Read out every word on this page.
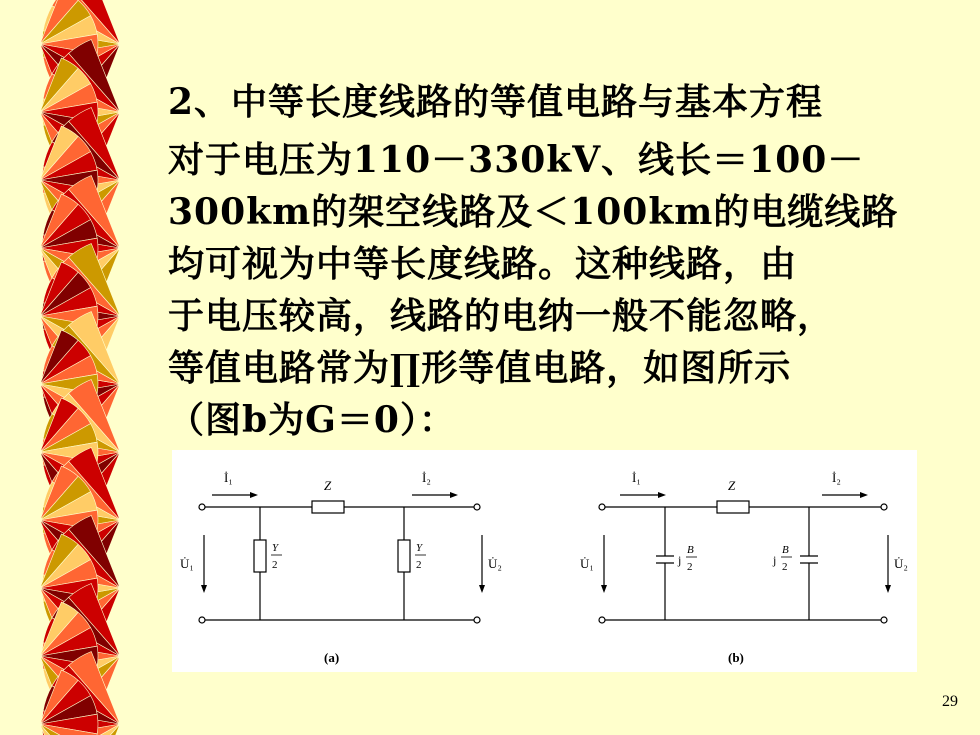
2、中等长度线路的等值电路与基本方程
对于电压为110－330kV、线长＝100－
300km的架空线路及＜100km的电缆线路
均可视为中等长度线路。这种线路，由
于电压较高，线路的电纳一般不能忽略，
等值电路常为∏形等值电路，如图所示
（图b为G＝0）：
İ₁
Z
İ₂
U̇₁	U̇₂
Y
2
Y
2
(a)
İ₁
Z
İ₂
U̇₁	U̇₂
j
B
2	j
B
2
(b)
29
